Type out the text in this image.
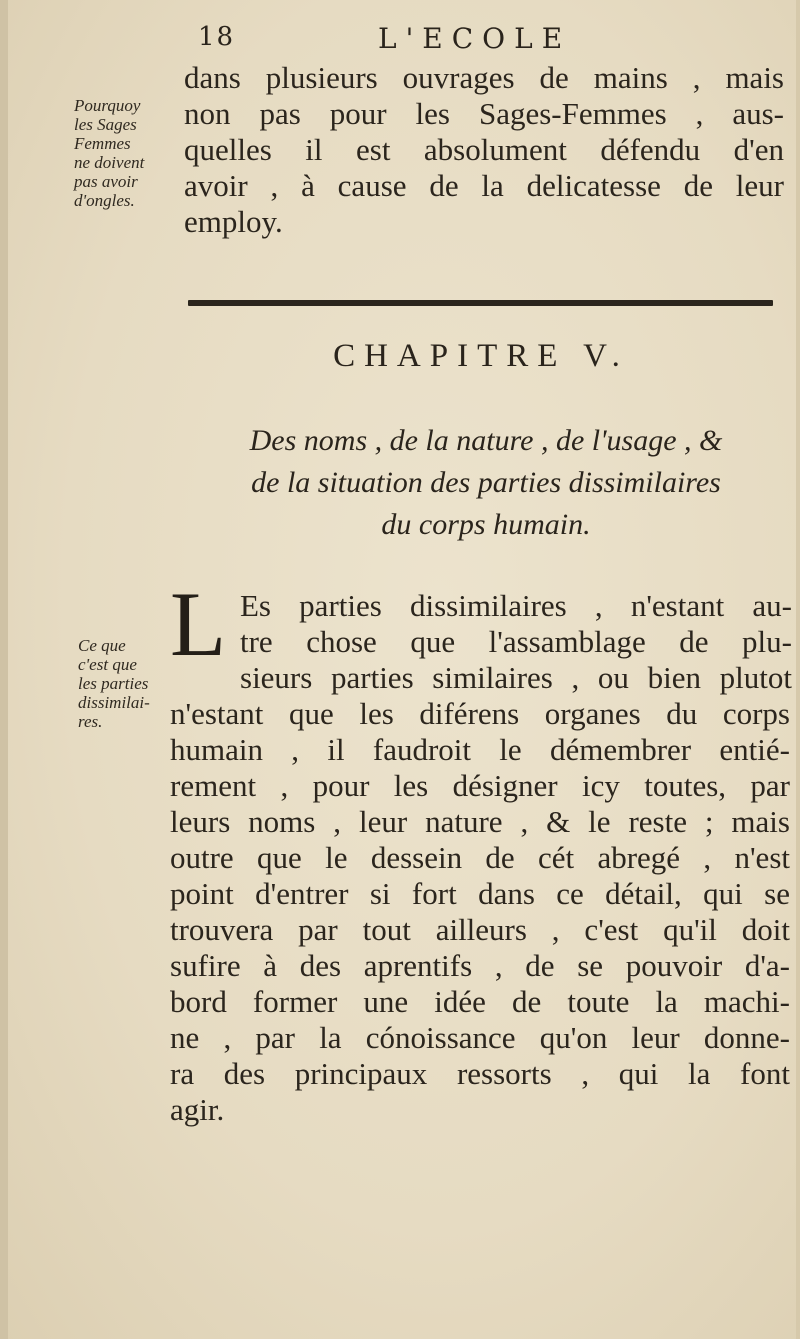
18	L'ECOLE
Pourquoy
les Sages
Femmes
ne doivent
pas avoir
d'ongles.
dans plusieurs ouvrages de mains , mais
non pas pour les Sages-Femmes , aus-
quelles il est absolument défendu d'en
avoir , à cause de la delicatesse de leur
employ.
CHAPITRE V.
Des noms , de la nature , de l'usage , &
de la situation des parties dissimilaires
du corps humain.
L Es parties dissimilaires , n'estant au-
tre chose que l'assamblage de plu-
sieurs parties similaires , ou bien plutot
Ce que
c'est que
les parties
dissimilai-
res.	n'estant que les diférens organes du corps
humain , il faudroit le démembrer entié-
rement , pour les désigner icy toutes, par
leurs noms , leur nature , & le reste ; mais
outre que le dessein de cét abregé , n'est
point d'entrer si fort dans ce détail, qui se
trouvera par tout ailleurs , c'est qu'il doit
sufire à des aprentifs , de se pouvoir d'a-
bord former une idée de toute la machi-
ne , par la cónoissance qu'on leur donne-
ra des principaux ressorts , qui la font
agir.
